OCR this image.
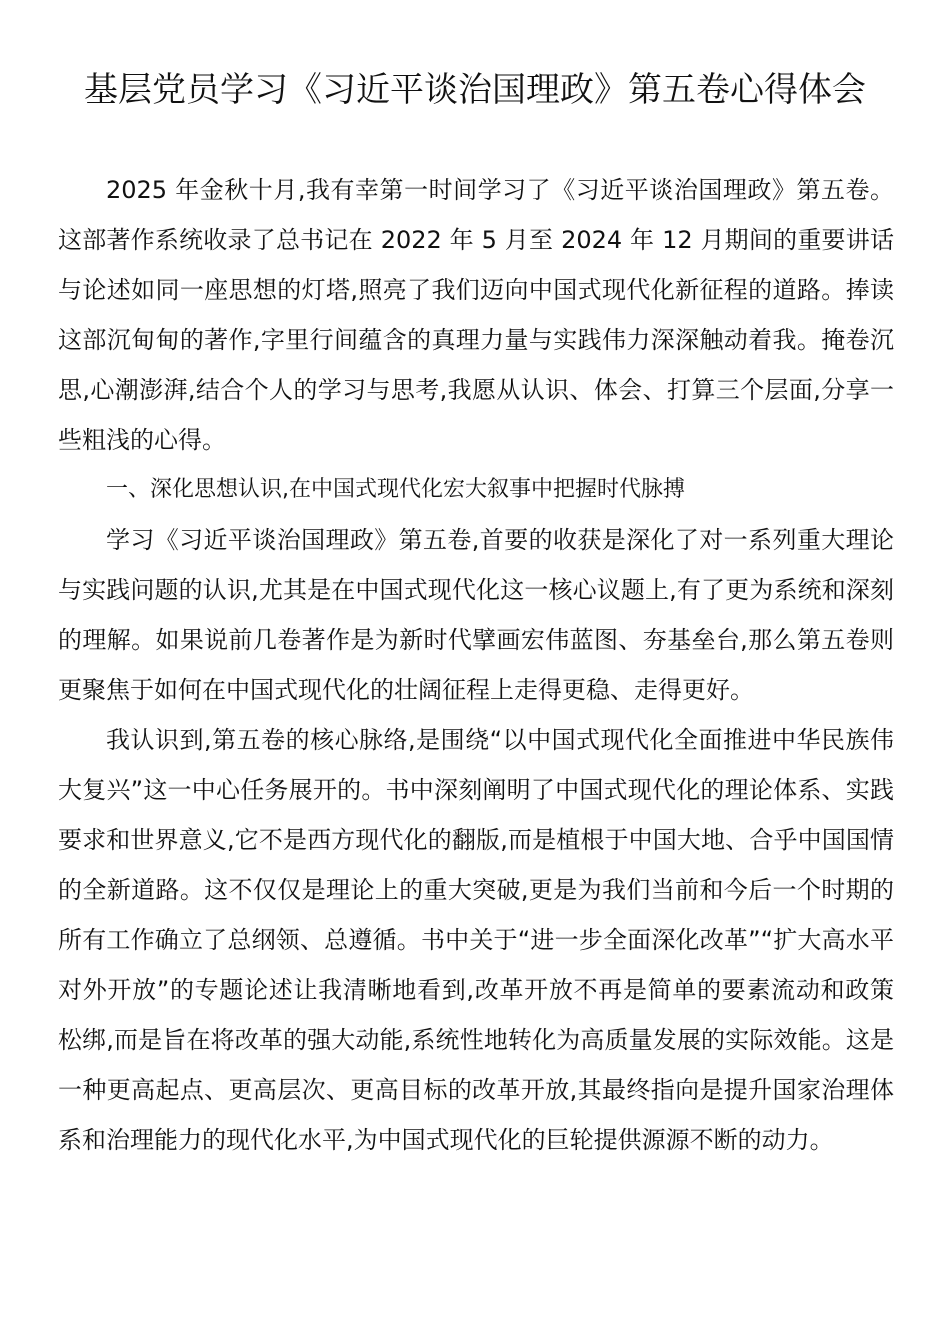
基层党员学习《习近平谈治国理政》第五卷心得体会

2025 年金秋十月,我有幸第一时间学习了《习近平谈治国理政》第五卷。这部著作系统收录了总书记在 2022 年 5 月至 2024 年 12 月期间的重要讲话与论述如同一座思想的灯塔,照亮了我们迈向中国式现代化新征程的道路。捧读这部沉甸甸的著作,字里行间蕴含的真理力量与实践伟力深深触动着我。掩卷沉思,心潮澎湃,结合个人的学习与思考,我愿从认识、体会、打算三个层面,分享一些粗浅的心得。

一、深化思想认识,在中国式现代化宏大叙事中把握时代脉搏

学习《习近平谈治国理政》第五卷,首要的收获是深化了对一系列重大理论与实践问题的认识,尤其是在中国式现代化这一核心议题上,有了更为系统和深刻的理解。如果说前几卷著作是为新时代擘画宏伟蓝图、夯基垒台,那么第五卷则更聚焦于如何在中国式现代化的壮阔征程上走得更稳、走得更好。

我认识到,第五卷的核心脉络,是围绕“以中国式现代化全面推进中华民族伟大复兴”这一中心任务展开的。书中深刻阐明了中国式现代化的理论体系、实践要求和世界意义,它不是西方现代化的翻版,而是植根于中国大地、合乎中国国情的全新道路。这不仅仅是理论上的重大突破,更是为我们当前和今后一个时期的所有工作确立了总纲领、总遵循。书中关于“进一步全面深化改革”“扩大高水平对外开放”的专题论述让我清晰地看到,改革开放不再是简单的要素流动和政策松绑,而是旨在将改革的强大动能,系统性地转化为高质量发展的实际效能。这是一种更高起点、更高层次、更高目标的改革开放,其最终指向是提升国家治理体系和治理能力的现代化水平,为中国式现代化的巨轮提供源源不断的动力。
